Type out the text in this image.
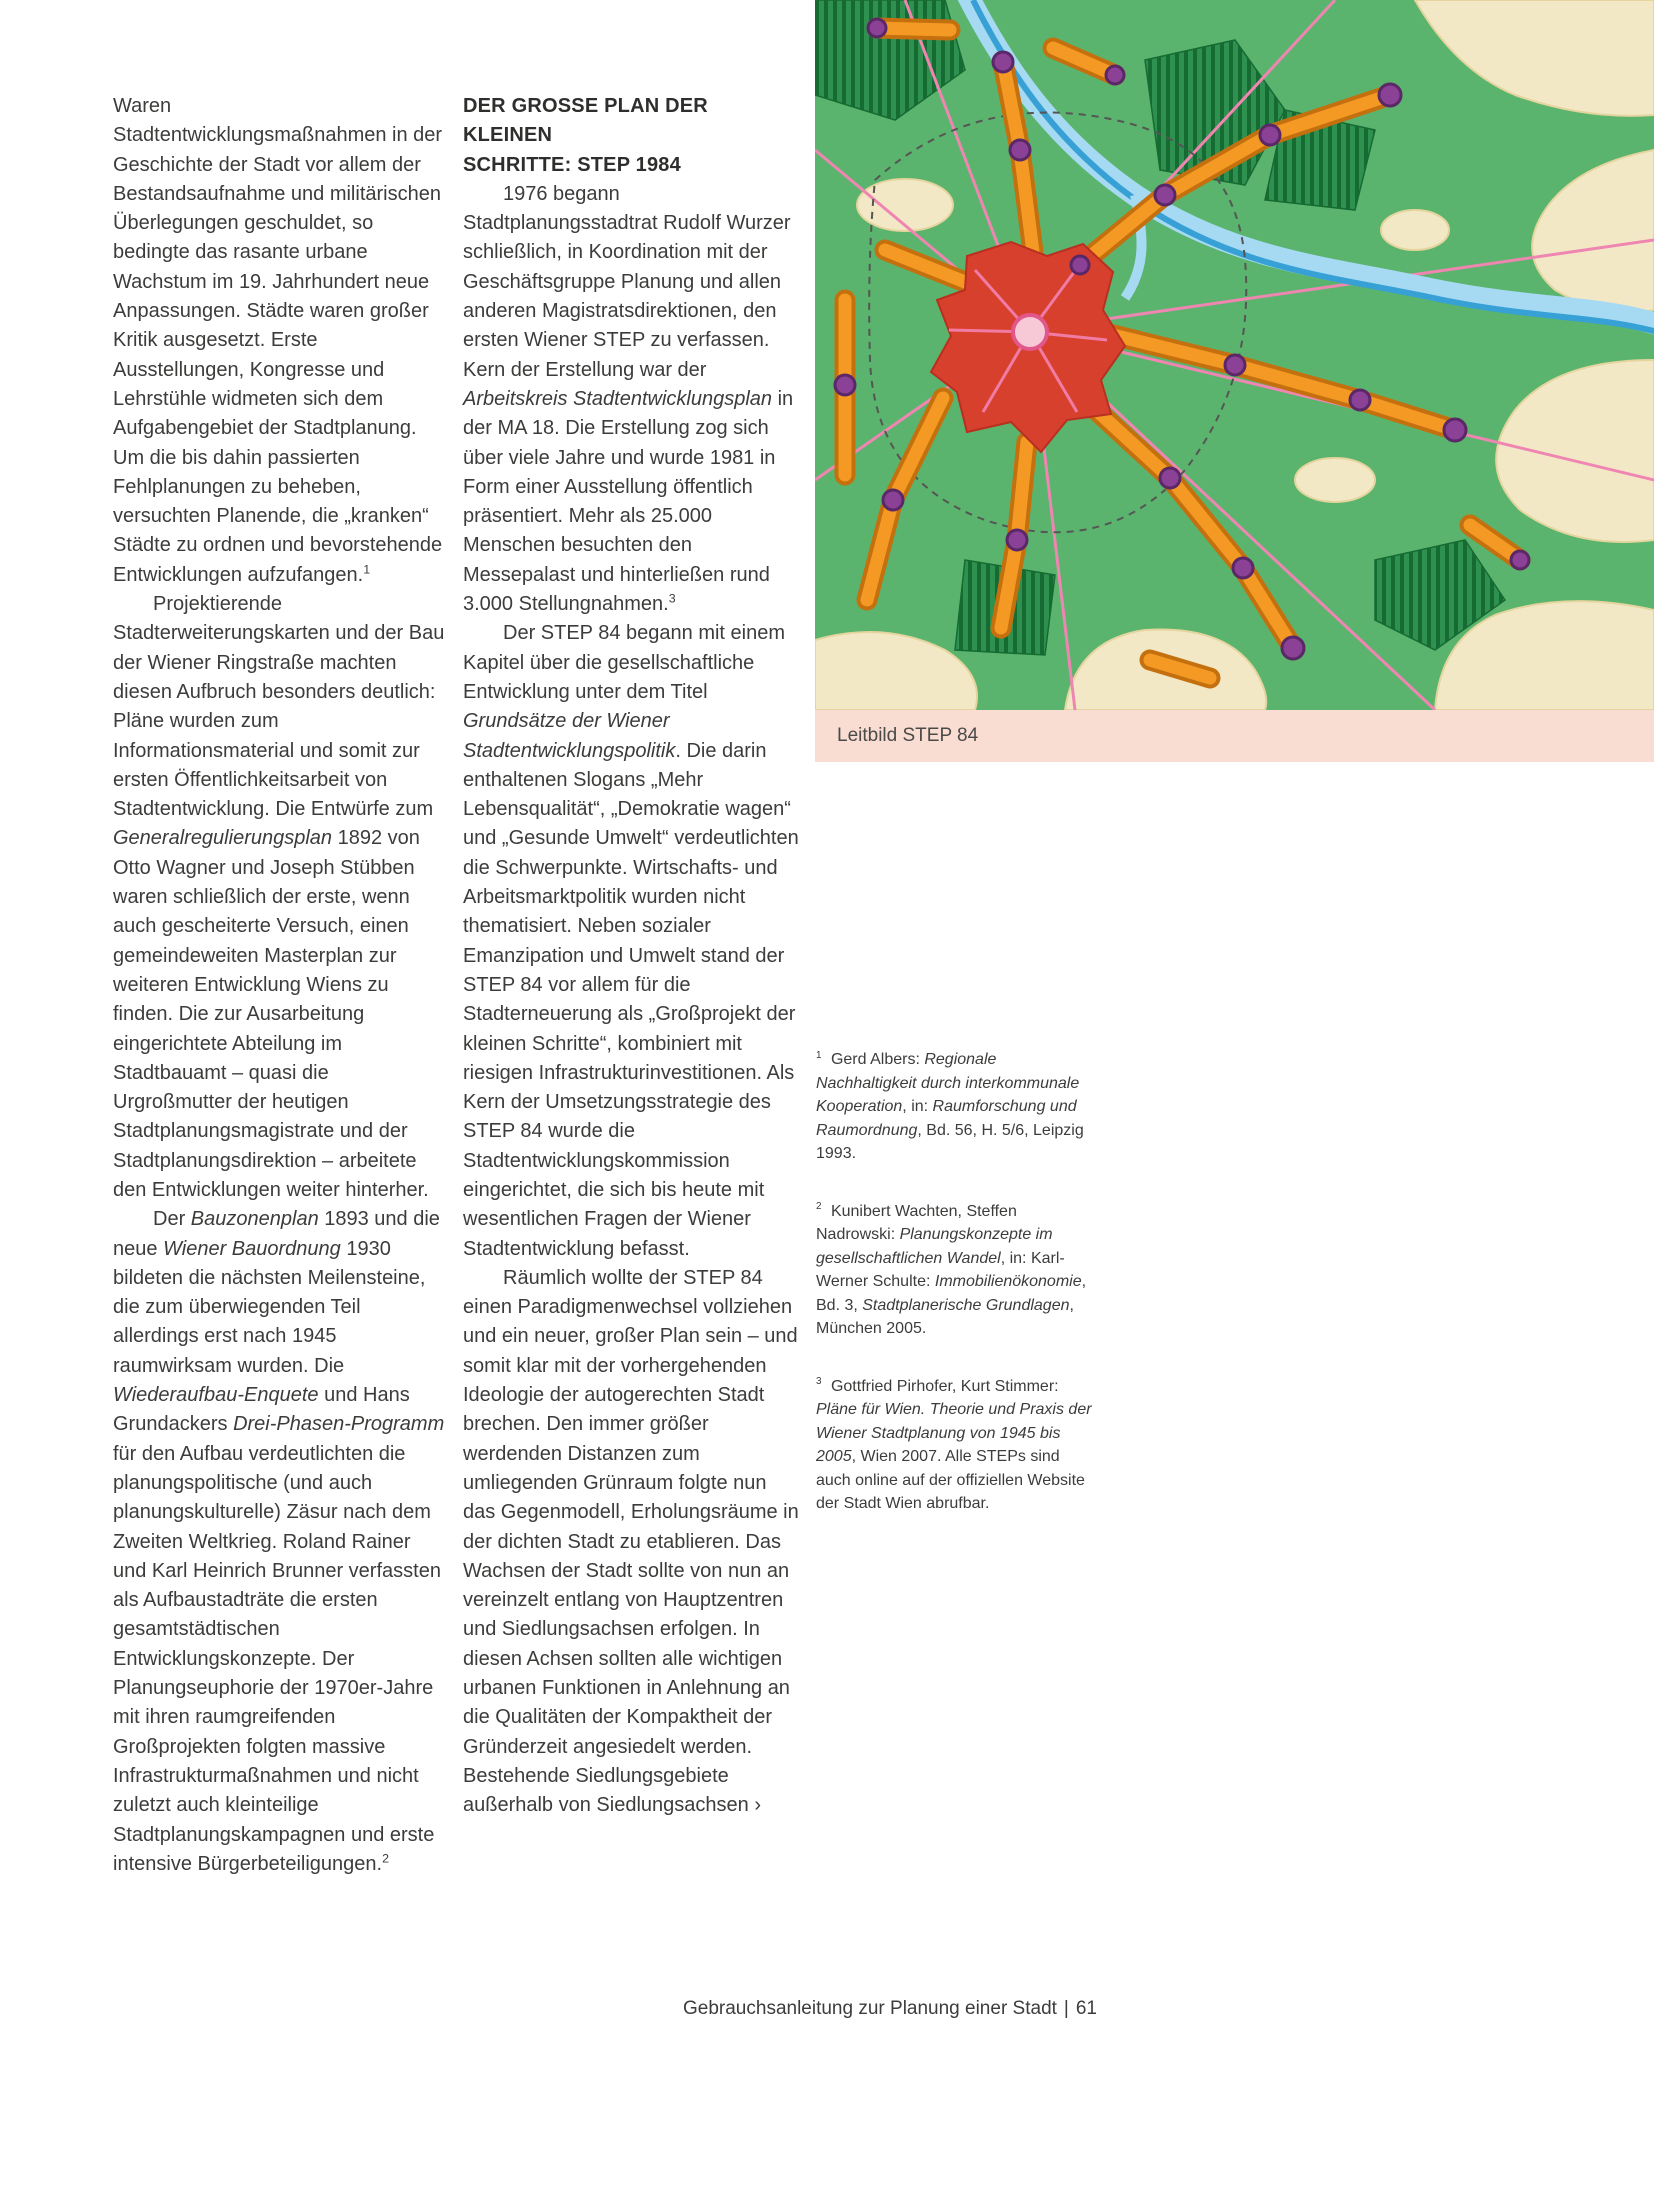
Waren Stadtentwicklungsmaßnahmen in der Geschichte der Stadt vor allem der Bestandsaufnahme und militärischen Überlegungen geschuldet, so bedingte das rasante urbane Wachstum im 19. Jahrhundert neue Anpassungen. Städte waren großer Kritik ausgesetzt. Erste Ausstellungen, Kongresse und Lehrstühle widmeten sich dem Aufgabengebiet der Stadtplanung. Um die bis dahin passierten Fehlplanungen zu beheben, versuchten Planende, die „kranken“ Städte zu ordnen und bevorstehende Entwicklungen aufzufangen.$^1$

Projektierende Stadterweiterungskarten und der Bau der Wiener Ringstraße machten diesen Aufbruch besonders deutlich: Pläne wurden zum Informationsmaterial und somit zur ersten Öffentlichkeitsarbeit von Stadtentwicklung. Die Entwürfe zum Generalregulierungsplan 1892 von Otto Wagner und Joseph Stübben waren schließlich der erste, wenn auch gescheiterte Versuch, einen gemeindeweiten Masterplan zur weiteren Entwicklung Wiens zu finden. Die zur Ausarbeitung eingerichtete Abteilung im Stadtbauamt – quasi die Urgroßmutter der heutigen Stadtplanungsmagistrate und der Stadtplanungsdirektion – arbeitete den Entwicklungen weiter hinterher.

Der Bauzonenplan 1893 und die neue Wiener Bauordnung 1930 bildeten die nächsten Meilensteine, die zum überwiegenden Teil allerdings erst nach 1945 raumwirksam wurden. Die Wiederaufbau-Enquete und Hans Grundackers Drei-Phasen-Programm für den Aufbau verdeutlichten die planungspolitische (und auch planungskulturelle) Zäsur nach dem Zweiten Weltkrieg. Roland Rainer und Karl Heinrich Brunner verfassten als Aufbaustadträte die ersten gesamtstädtischen Entwicklungskonzepte. Der Planungseuphorie der 1970er-Jahre mit ihren raumgreifenden Großprojekten folgten massive Infrastrukturmaßnahmen und nicht zuletzt auch kleinteilige Stadtplanungskampagnen und erste intensive Bürgerbeteiligungen.$^2$

DER GROSSE PLAN DER KLEINEN
SCHRITTE: STEP 1984

1976 begann Stadtplanungsstadtrat Rudolf Wurzer schließlich, in Koordination mit der Geschäftsgruppe Planung und allen anderen Magistratsdirektionen, den ersten Wiener STEP zu verfassen. Kern der Erstellung war der Arbeitskreis Stadtentwicklungsplan in der MA 18. Die Erstellung zog sich über viele Jahre und wurde 1981 in Form einer Ausstellung öffentlich präsentiert. Mehr als 25.000 Menschen besuchten den Messepalast und hinterließen rund 3.000 Stellungnahmen.$^3$

Der STEP 84 begann mit einem Kapitel über die gesellschaftliche Entwicklung unter dem Titel Grundsätze der Wiener Stadtentwicklungspolitik. Die darin enthaltenen Slogans „Mehr Lebensqualität“, „Demokratie wagen“ und „Gesunde Umwelt“ verdeutlichten die Schwerpunkte. Wirtschafts- und Arbeitsmarktpolitik wurden nicht thematisiert. Neben sozialer Emanzipation und Umwelt stand der STEP 84 vor allem für die Stadterneuerung als „Großprojekt der kleinen Schritte“, kombiniert mit riesigen Infrastrukturinvestitionen. Als Kern der Umsetzungsstrategie des STEP 84 wurde die Stadtentwicklungskommission eingerichtet, die sich bis heute mit wesentlichen Fragen der Wiener Stadtentwicklung befasst.

Räumlich wollte der STEP 84 einen Paradigmenwechsel vollziehen und ein neuer, großer Plan sein – und somit klar mit der vorhergehenden Ideologie der autogerechten Stadt brechen. Den immer größer werdenden Distanzen zum umliegenden Grünraum folgte nun das Gegenmodell, Erholungsräume in der dichten Stadt zu etablieren. Das Wachsen der Stadt sollte von nun an vereinzelt entlang von Hauptzentren und Siedlungsachsen erfolgen. In diesen Achsen sollten alle wichtigen urbanen Funktionen in Anlehnung an die Qualitäten der Kompaktheit der Gründerzeit angesiedelt werden. Bestehende Siedlungsgebiete außerhalb von Siedlungsachsen ›

Leitbild STEP 84

$^1$ Gerd Albers: Regionale Nachhaltigkeit durch interkommunale Kooperation, in: Raumforschung und Raumordnung, Bd. 56, H. 5/6, Leipzig 1993.

$^2$ Kunibert Wachten, Steffen Nadrowski: Planungskonzepte im gesellschaftlichen Wandel, in: Karl-Werner Schulte: Immobilienökonomie, Bd. 3, Stadtplanerische Grundlagen, München 2005.

$^3$ Gottfried Pirhofer, Kurt Stimmer: Pläne für Wien. Theorie und Praxis der Wiener Stadtplanung von 1945 bis 2005, Wien 2007. Alle STEPs sind auch online auf der offiziellen Website der Stadt Wien abrufbar.

Gebrauchsanleitung zur Planung einer Stadt | 61
